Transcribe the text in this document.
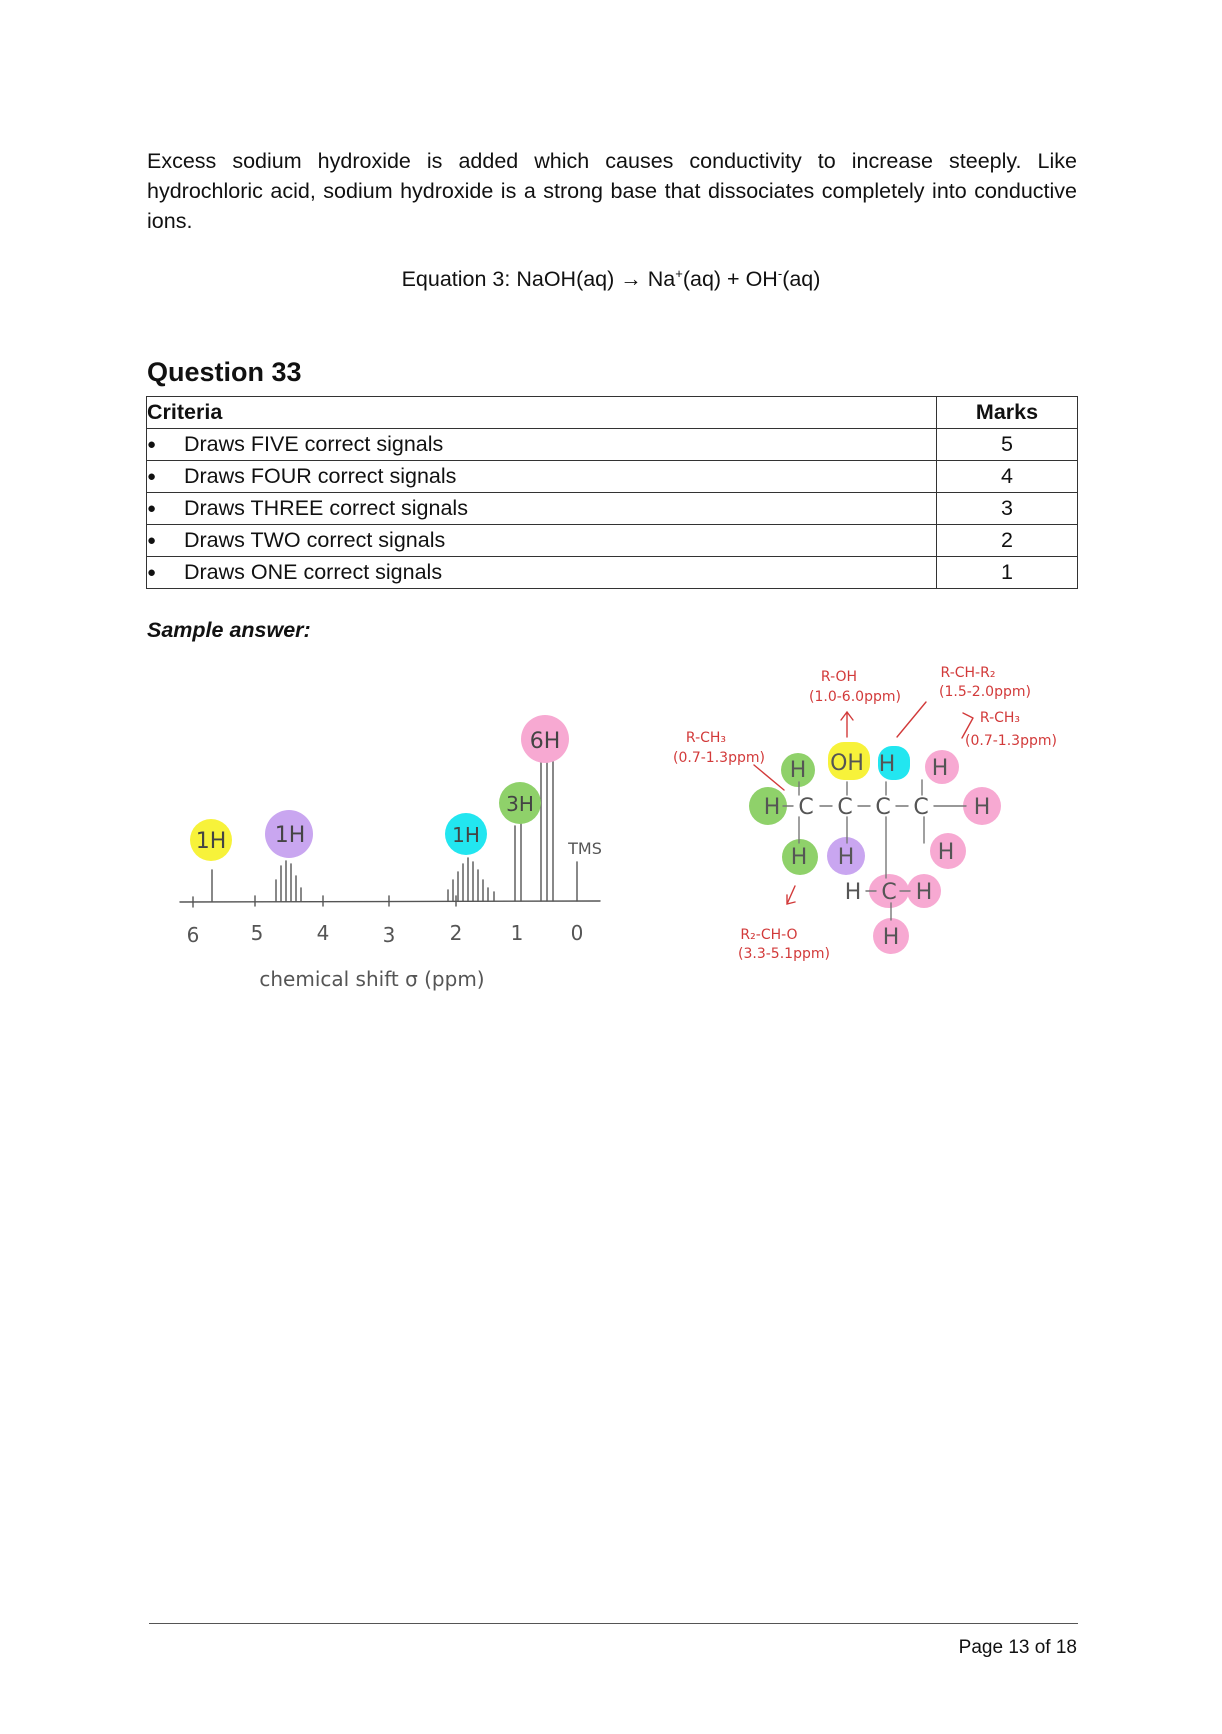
Excess sodium hydroxide is added which causes conductivity to increase steeply. Like hydrochloric acid, sodium hydroxide is a strong base that dissociates completely into conductive ions.

Equation 3: NaOH(aq) → Na+(aq) + OH-(aq)
Question 33
Criteria	Marks
● Draws FIVE correct signals	5
● Draws FOUR correct signals	4
● Draws THREE correct signals	3
● Draws TWO correct signals	2
● Draws ONE correct signals	1
Sample answer:
1H 1H	1H
3H
6H
TMS
6	5	4	3	2 1 0
chemical shift σ (ppm)
H OH H H
H C C C C H
H H	H
H C H
H
R-OH
(1.0-6.0ppm)
R-CH-R₂
(1.5-2.0ppm)
R-CH₃
(0.7-1.3ppm)
R-CH₃
(0.7-1.3ppm)
R₂-CH-O
(3.3-5.1ppm)
Page 13 of 18
